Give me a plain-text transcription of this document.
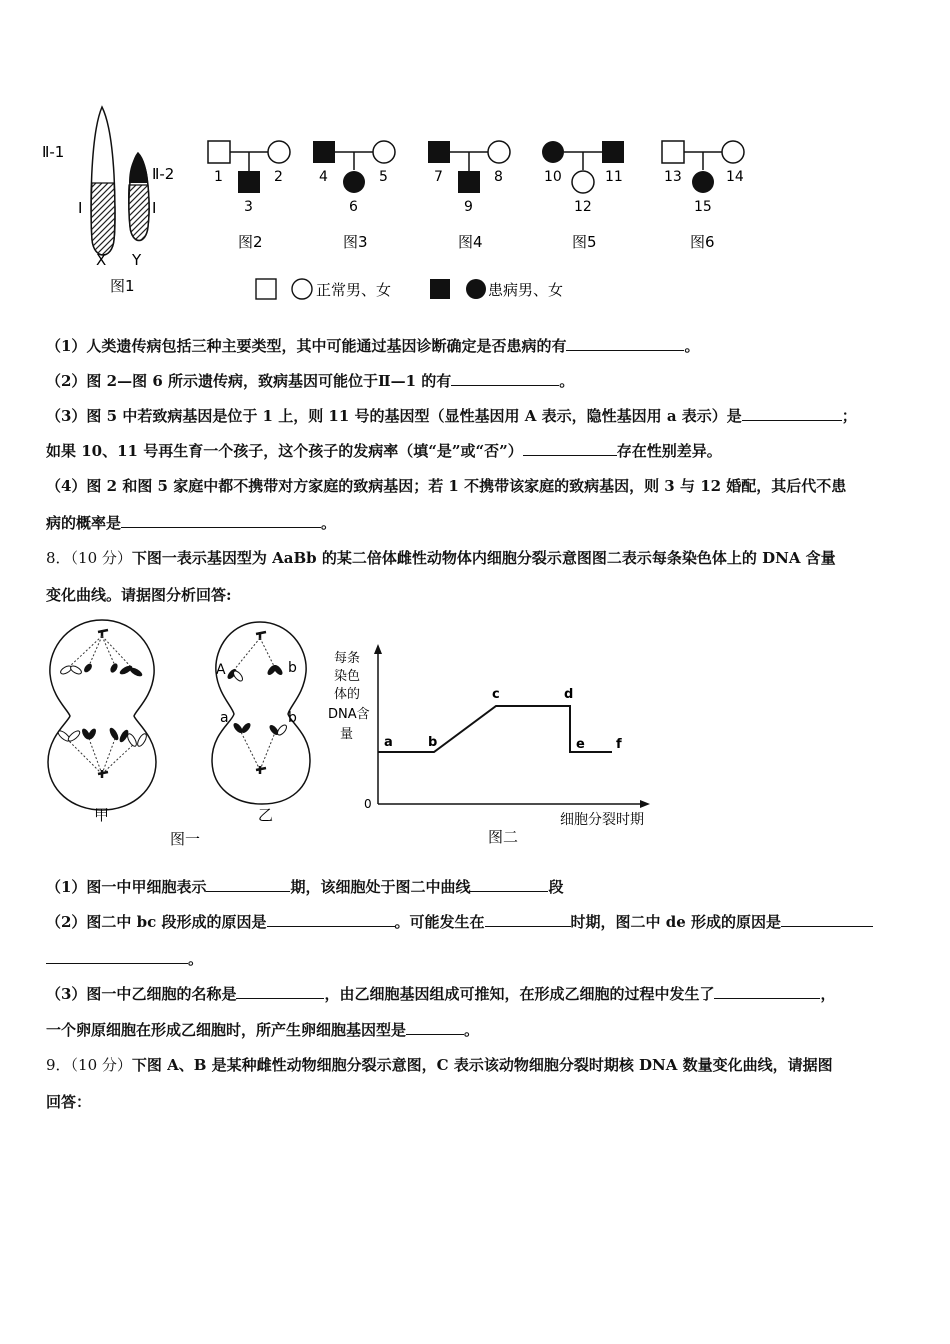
Ⅱ-1
Ⅱ-2
Ⅰ	Ⅰ
X Y
图1
1	2
3
图2
4	5
6
图3
7	8
9
图4
10	11
12
图5
13	14
15
图6
正常男、女	患病男、女
（1）人类遗传病包括三种主要类型，其中可能通过基因诊断确定是否患病的有	。
（2）图 2—图 6 所示遗传病，致病基因可能位于Ⅱ—1 的有	。
（3）图 5 中若致病基因是位于 1 上，则 11 号的基因型（显性基因用 A 表示，隐性基因用 a 表示）是	；
如果 10、11 号再生育一个孩子，这个孩子的发病率（填“是”或“否”）	存在性别差异。
（4）图 2 和图 5 家庭中都不携带对方家庭的致病基因；若 1 不携带该家庭的致病基因，则 3 与 12 婚配，其后代不患
病的概率是	。
8．（10 分）下图一表示基因型为 AaBb 的某二倍体雌性动物体内细胞分裂示意图图二表示每条染色体上的 DNA 含量
变化曲线。请据图分析回答:
甲
A	b
a	b
乙
图一
每条
染色
体的
DNA含
量
0
细胞分裂时期
图二
a	b
c	d
e f
（1）图一中甲细胞表示	期，该细胞处于图二中曲线	段
（2）图二中 bc 段形成的原因是	。可能发生在	时期，图二中 de 形成的原因是
。
（3）图一中乙细胞的名称是	，由乙细胞基因组成可推知，在形成乙细胞的过程中发生了	，
一个卵原细胞在形成乙细胞时，所产生卵细胞基因型是	。
9．（10 分）下图 A、B 是某种雌性动物细胞分裂示意图，C 表示该动物细胞分裂时期核 DNA 数量变化曲线，请据图
回答：
